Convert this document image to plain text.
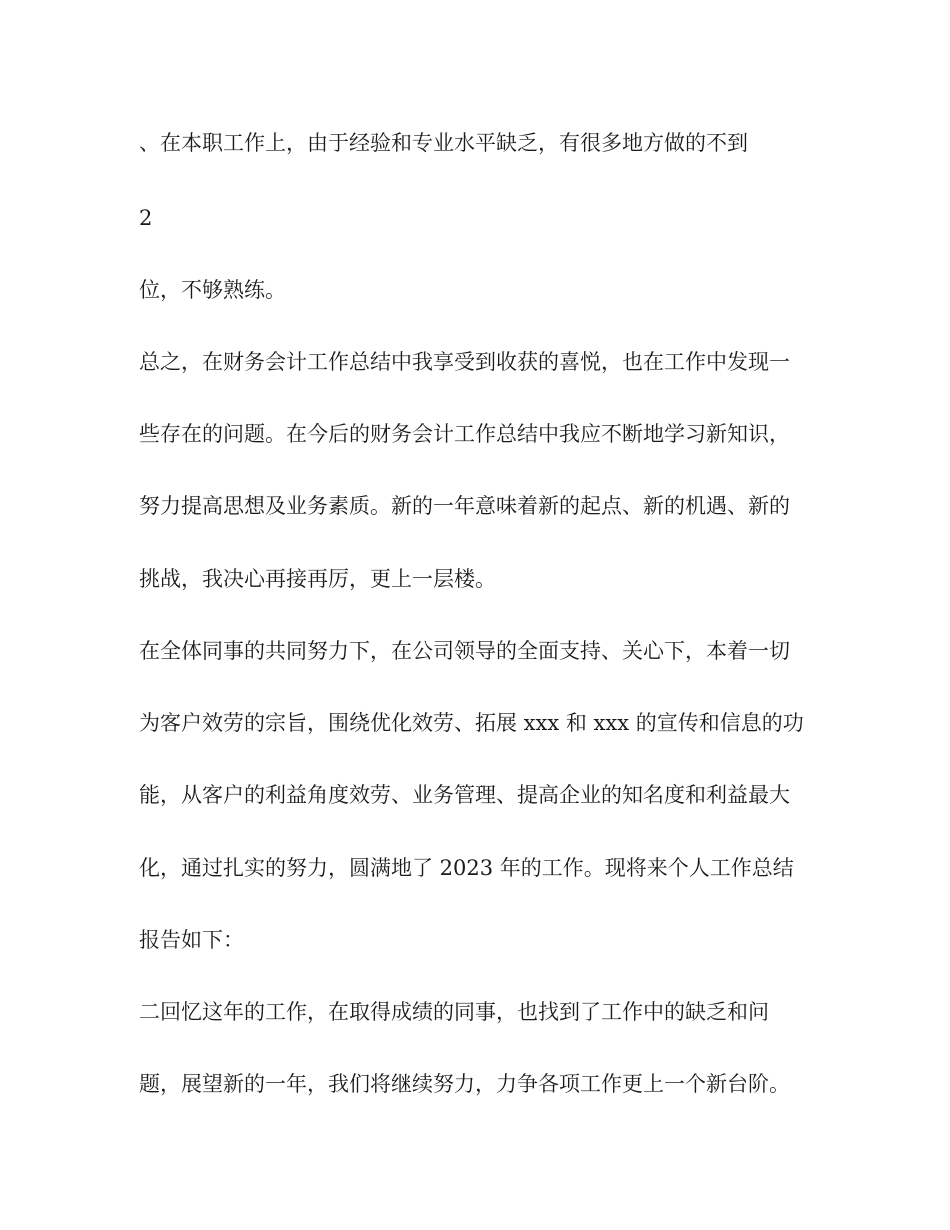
、在本职工作上，由于经验和专业水平缺乏，有很多地方做的不到

2

位，不够熟练。

总之，在财务会计工作总结中我享受到收获的喜悦，也在工作中发现一

些存在的问题。在今后的财务会计工作总结中我应不断地学习新知识，

努力提高思想及业务素质。新的一年意味着新的起点、新的机遇、新的

挑战，我决心再接再厉，更上一层楼。

在全体同事的共同努力下，在公司领导的全面支持、关心下，本着一切

为客户效劳的宗旨，围绕优化效劳、拓展 xxx 和 xxx 的宣传和信息的功

能，从客户的利益角度效劳、业务管理、提高企业的知名度和利益最大

化，通过扎实的努力，圆满地了 2023 年的工作。现将来个人工作总结

报告如下：

二回忆这年的工作，在取得成绩的同事，也找到了工作中的缺乏和问

题，展望新的一年，我们将继续努力，力争各项工作更上一个新台阶。
